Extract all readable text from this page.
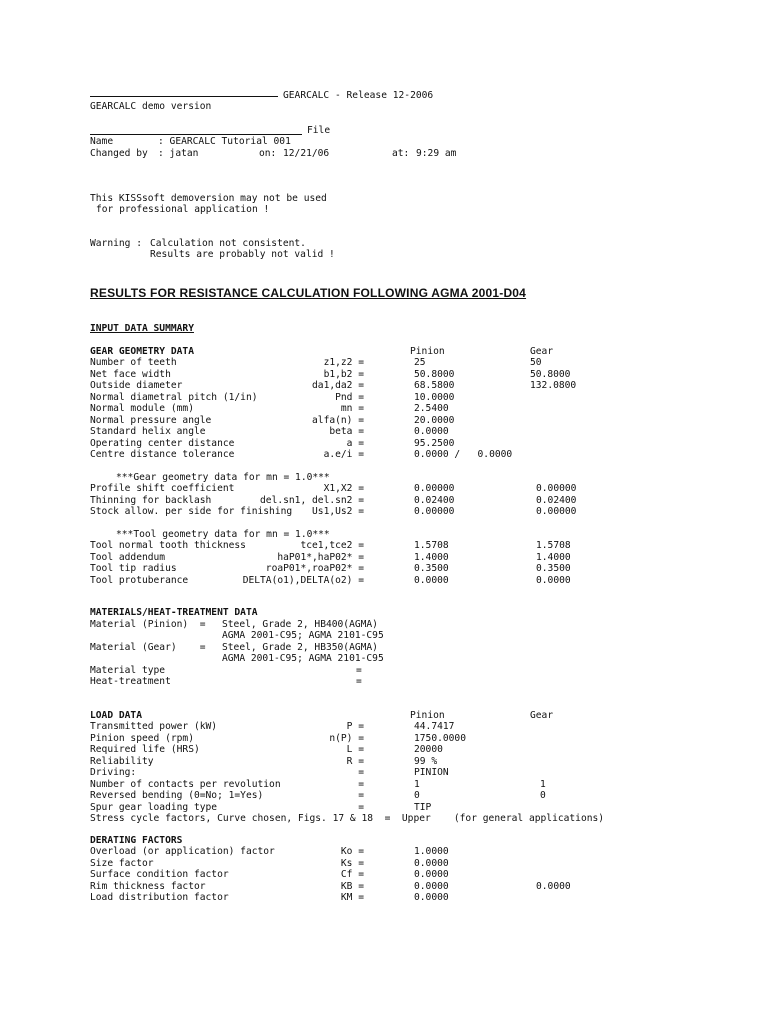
GEARCALC - Release 12-2006
GEARCALC demo version
File
Name	: GEARCALC Tutorial 001
Changed by : jatan	on: 12/21/06	at: 9:29 am
This KISSsoft demoversion may not be used
for professional application !
Warning : Calculation not consistent.
Results are probably not valid !
RESULTS FOR RESISTANCE CALCULATION FOLLOWING AGMA 2001-D04
INPUT DATA SUMMARY
GEAR GEOMETRY DATA	Pinion	Gear
Number of teeth	z1,z2 =	25	50
Net face width	b1,b2 =	50.8000	50.8000
Outside diameter	da1,da2 =	68.5800	132.0800
Normal diametral pitch (1/in)	Pnd =	10.0000
Normal module (mm)	mn =	2.5400
Normal pressure angle	alfa(n) =	20.0000
Standard helix angle	beta =	0.0000
Operating center distance	a =	95.2500
Centre distance tolerance	a.e/i =	0.0000 /   0.0000
***Gear geometry data for mn = 1.0***
Profile shift coefficient	X1,X2 =	0.00000	0.00000
Thinning for backlash	del.sn1, del.sn2 =	0.02400	0.02400
Stock allow. per side for finishing	Us1,Us2 =	0.00000	0.00000
***Tool geometry data for mn = 1.0***
Tool normal tooth thickness	tce1,tce2 =	1.5708	1.5708
Tool addendum	haP01*,haP02* =	1.4000	1.4000
Tool tip radius	roaP01*,roaP02* =	0.3500	0.3500
Tool protuberance	DELTA(o1),DELTA(o2) =	0.0000	0.0000
MATERIALS/HEAT-TREATMENT DATA
Material (Pinion)  = Steel, Grade 2, HB400(AGMA)
AGMA 2001-C95; AGMA 2101-C95
Material (Gear)    = Steel, Grade 2, HB350(AGMA)
AGMA 2001-C95; AGMA 2101-C95
Material type	=
Heat-treatment	=
LOAD DATA	Pinion	Gear
Transmitted power (kW)	P =	44.7417
Pinion speed (rpm)	n(P) =	1750.0000
Required life (HRS)	L =	20000
Reliability	R =	99 %
Driving:	=	PINION
Number of contacts per revolution	=	1	1
Reversed bending (0=No; 1=Yes)	=	0	0
Spur gear loading type	=	TIP
Stress cycle factors, Curve chosen, Figs. 17 & 18  =  Upper    (for general applications)
DERATING FACTORS
Overload (or application) factor	Ko =	1.0000
Size factor	Ks =	0.0000
Surface condition factor	Cf =	0.0000
Rim thickness factor	KB =	0.0000	0.0000
Load distribution factor	KM =	0.0000
